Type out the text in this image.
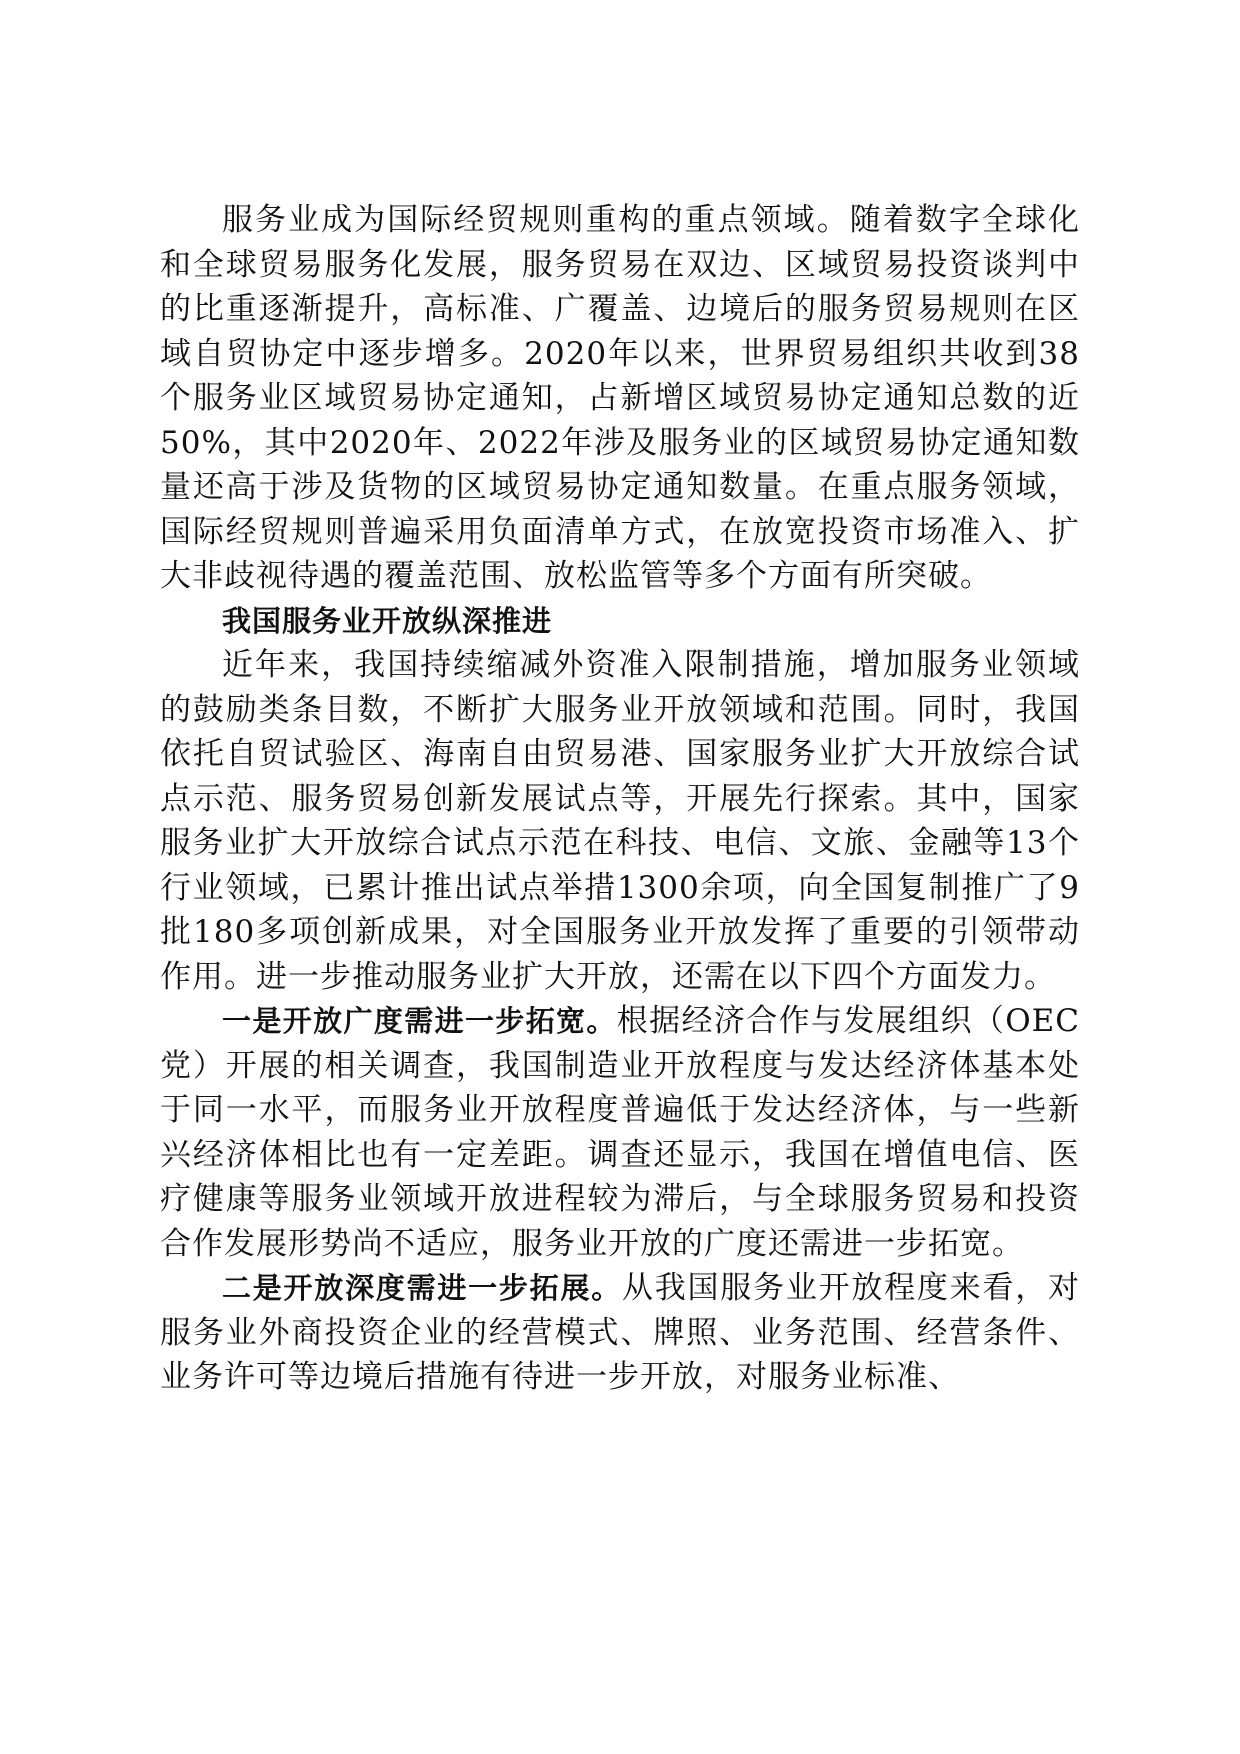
服务业成为国际经贸规则重构的重点领域。随着数字全球化和全球贸易服务化发展，服务贸易在双边、区域贸易投资谈判中的比重逐渐提升，高标准、广覆盖、边境后的服务贸易规则在区域自贸协定中逐步增多。2020年以来，世界贸易组织共收到38个服务业区域贸易协定通知，占新增区域贸易协定通知总数的近50%，其中2020年、2022年涉及服务业的区域贸易协定通知数量还高于涉及货物的区域贸易协定通知数量。在重点服务领域，国际经贸规则普遍采用负面清单方式，在放宽投资市场准入、扩大非歧视待遇的覆盖范围、放松监管等多个方面有所突破。

我国服务业开放纵深推进

近年来，我国持续缩减外资准入限制措施，增加服务业领域的鼓励类条目数，不断扩大服务业开放领域和范围。同时，我国依托自贸试验区、海南自由贸易港、国家服务业扩大开放综合试点示范、服务贸易创新发展试点等，开展先行探索。其中，国家服务业扩大开放综合试点示范在科技、电信、文旅、金融等13个行业领域，已累计推出试点举措1300余项，向全国复制推广了9批180多项创新成果，对全国服务业开放发挥了重要的引领带动作用。进一步推动服务业扩大开放，还需在以下四个方面发力。

一是开放广度需进一步拓宽。根据经济合作与发展组织（OEC党）开展的相关调查，我国制造业开放程度与发达经济体基本处于同一水平，而服务业开放程度普遍低于发达经济体，与一些新兴经济体相比也有一定差距。调查还显示，我国在增值电信、医疗健康等服务业领域开放进程较为滞后，与全球服务贸易和投资合作发展形势尚不适应，服务业开放的广度还需进一步拓宽。

二是开放深度需进一步拓展。从我国服务业开放程度来看，对服务业外商投资企业的经营模式、牌照、业务范围、经营条件、业务许可等边境后措施有待进一步开放，对服务业标准、
